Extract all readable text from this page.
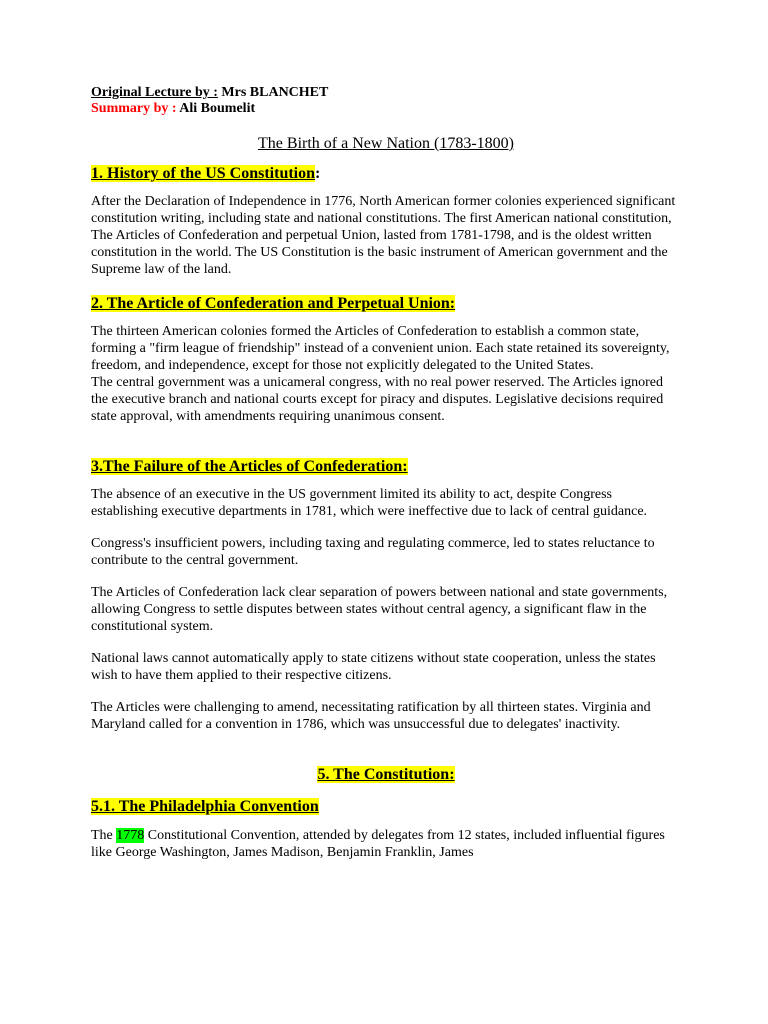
Original Lecture by : Mrs BLANCHET
Summary by : Ali Boumelit
The Birth of a New Nation (1783-1800)
1. History of the US Constitution:

After the Declaration of Independence in 1776, North American former colonies experienced significant constitution writing, including state and national constitutions. The first American national constitution, The Articles of Confederation and perpetual Union, lasted from 1781-1798, and is the oldest written constitution in the world. The US Constitution is the basic instrument of American government and the Supreme law of the land.

2. The Article of Confederation and Perpetual Union:

The thirteen American colonies formed the Articles of Confederation to establish a common state, forming a "firm league of friendship" instead of a convenient union. Each state retained its sovereignty, freedom, and independence, except for those not explicitly delegated to the United States.

The central government was a unicameral congress, with no real power reserved. The Articles ignored the executive branch and national courts except for piracy and disputes. Legislative decisions required state approval, with amendments requiring unanimous consent.

3.The Failure of the Articles of Confederation:

The absence of an executive in the US government limited its ability to act, despite Congress establishing executive departments in 1781, which were ineffective due to lack of central guidance.

Congress's insufficient powers, including taxing and regulating commerce, led to states reluctance to contribute to the central government.

The Articles of Confederation lack clear separation of powers between national and state governments, allowing Congress to settle disputes between states without central agency, a significant flaw in the constitutional system.

National laws cannot automatically apply to state citizens without state cooperation, unless the states wish to have them applied to their respective citizens.

The Articles were challenging to amend, necessitating ratification by all thirteen states. Virginia and Maryland called for a convention in 1786, which was unsuccessful due to delegates' inactivity.

5. The Constitution:
5.1. The Philadelphia Convention

The 1778 Constitutional Convention, attended by delegates from 12 states, included influential figures like George Washington, James Madison, Benjamin Franklin, James
